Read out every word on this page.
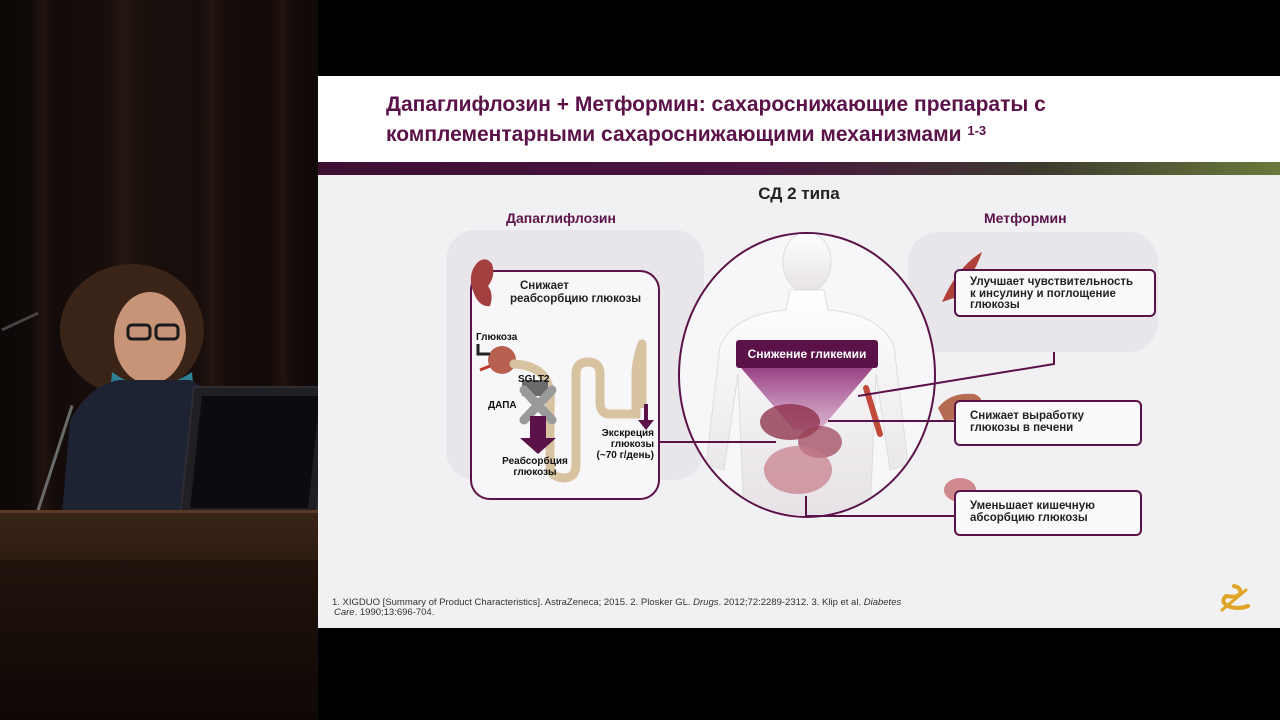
Дапаглифлозин + Метформин: сахароснижающие препараты с
комплементарными сахароснижающими механизмами $^{1-3}$
СД 2 типа
Дапаглифлозин	Метформин
Снижение гликемии
Снижает
реабсорбцию глюкозы
Глюкоза
SGLT2
ДАПА
Реабсорбция
глюкозы
Экскреция
глюкозы
(~70 г/день)
Улучшает чувствительность
к инсулину и поглощение
глюкозы
Снижает выработку
глюкозы в печени
Уменьшает кишечную
абсорбцию глюкозы
1. XIGDUO [Summary of Product Characteristics]. AstraZeneca; 2015. 2. Plosker GL. Drugs. 2012;72:2289-2312. 3. Klip et al. Diabetes
Care. 1990;13:696-704.
